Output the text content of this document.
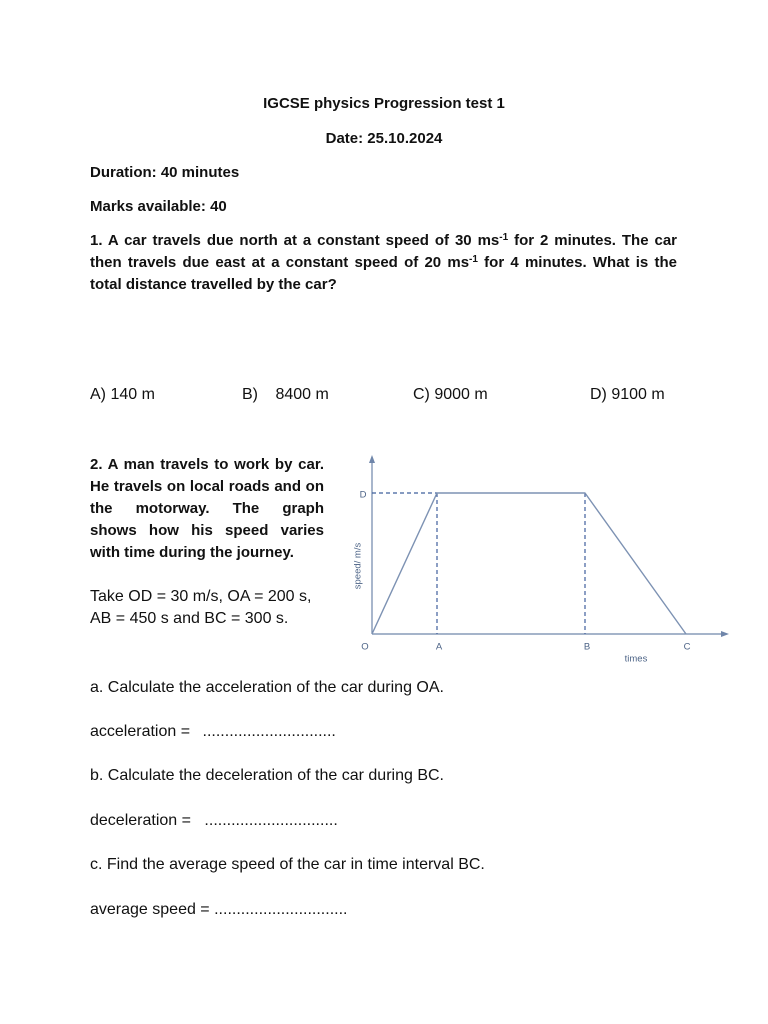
IGCSE physics Progression test 1
Date: 25.10.2024
Duration: 40 minutes
Marks available: 40
1. A car travels due north at a constant speed of 30 $ms^{-1}$ for 2 minutes. The car
then travels due east at a constant speed of 20 $ms^{-1}$ for 4 minutes. What is the
total distance travelled by the car?
A) 140 m	B) 8400 m	C) 9000 m	D) 9100 m
2. A man travels to work by car.
He travels on local roads and on
the motorway. The graph
shows how his speed varies
with time during the journey.
Take OD = 30 m/s, OA = 200 s,
AB = 450 s and BC = 300 s.
D
O	A	B	C
times
speed/ m/s
a. Calculate the acceleration of the car during OA.
acceleration = ..............................
b. Calculate the deceleration of the car during BC.
deceleration = ..............................
c. Find the average speed of the car in time interval BC.
average speed = ..............................
